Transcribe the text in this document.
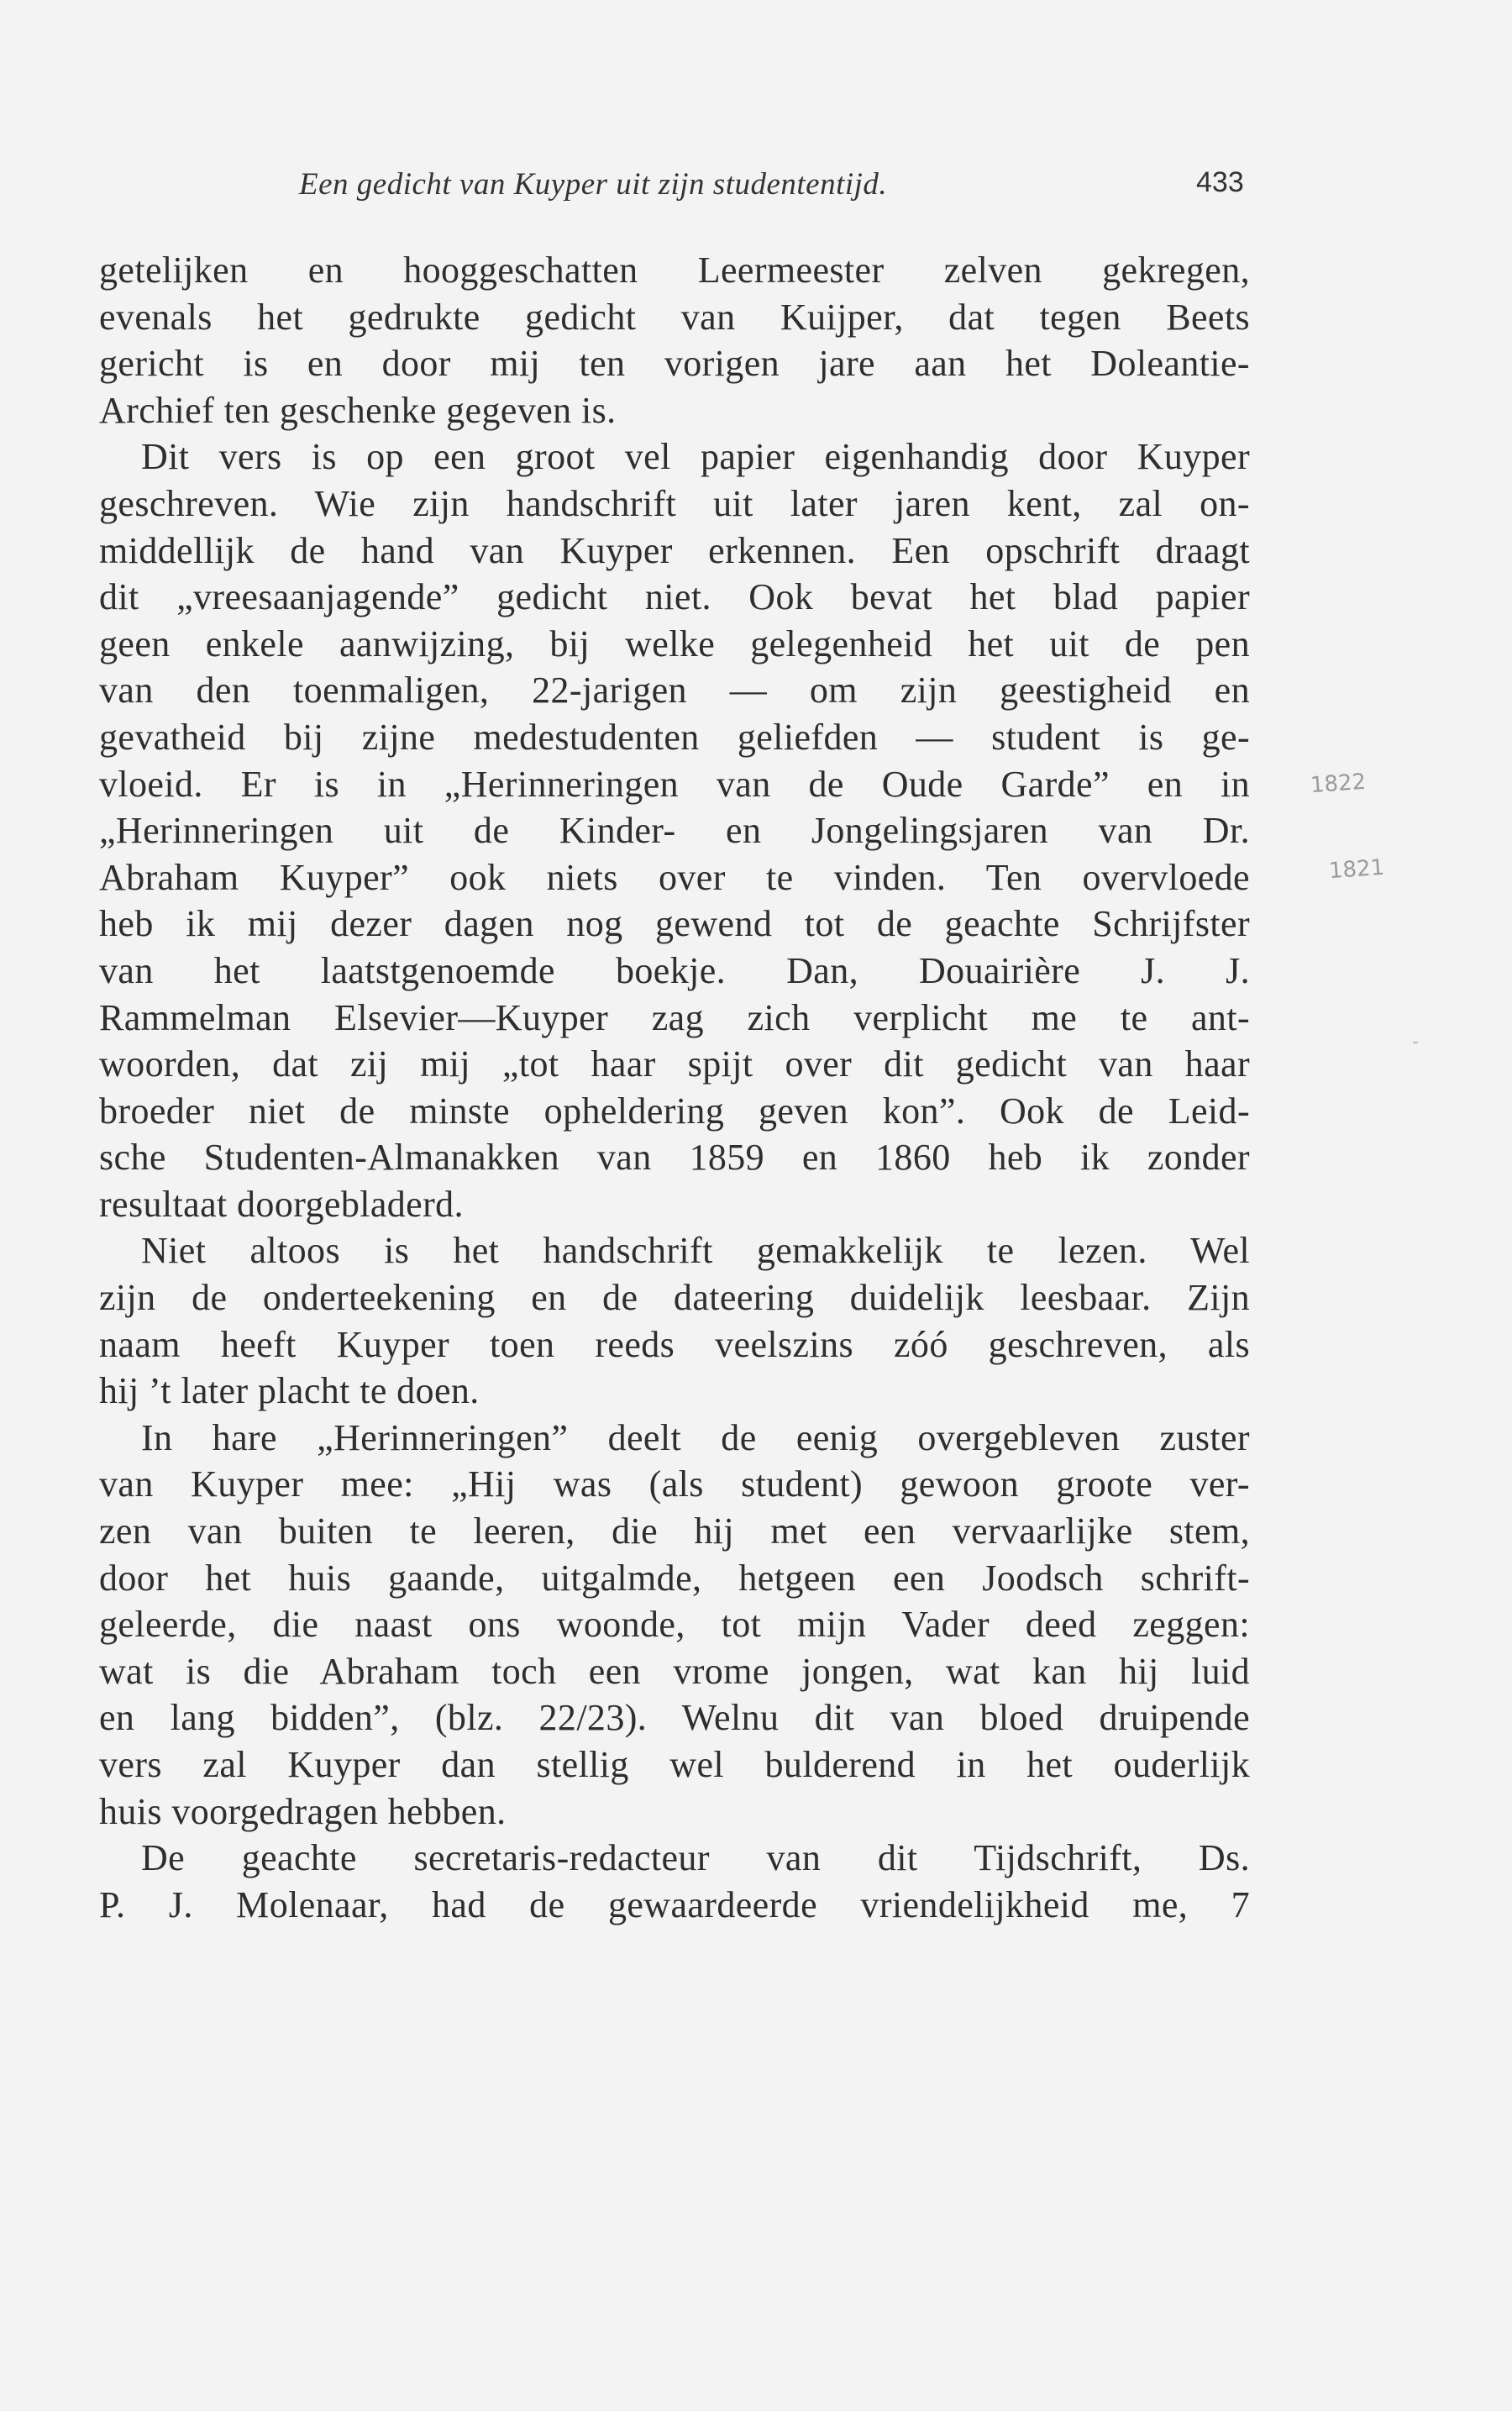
Een gedicht van Kuyper uit zijn studententijd.	433
getelijken en hooggeschatten Leermeester zelven gekregen,
evenals het gedrukte gedicht van Kuijper, dat tegen Beets
gericht is en door mij ten vorigen jare aan het Doleantie-
Archief ten geschenke gegeven is.
Dit vers is op een groot vel papier eigenhandig door Kuyper
geschreven. Wie zijn handschrift uit later jaren kent, zal on-
middellijk de hand van Kuyper erkennen. Een opschrift draagt
dit „vreesaanjagende” gedicht niet. Ook bevat het blad papier
geen enkele aanwijzing, bij welke gelegenheid het uit de pen
van den toenmaligen, 22-jarigen — om zijn geestigheid en
gevatheid bij zijne medestudenten geliefden — student is ge-
vloeid. Er is in „Herinneringen van de Oude Garde” en in
„Herinneringen uit de Kinder- en Jongelingsjaren van Dr.
Abraham Kuyper” ook niets over te vinden. Ten overvloede
heb ik mij dezer dagen nog gewend tot de geachte Schrijfster
van het laatstgenoemde boekje. Dan, Douairière J. J.
Rammelman Elsevier—Kuyper zag zich verplicht me te ant-
woorden, dat zij mij „tot haar spijt over dit gedicht van haar
broeder niet de minste opheldering geven kon”. Ook de Leid-
sche Studenten-Almanakken van 1859 en 1860 heb ik zonder
resultaat doorgebladerd.
Niet altoos is het handschrift gemakkelijk te lezen. Wel
zijn de onderteekening en de dateering duidelijk leesbaar. Zijn
naam heeft Kuyper toen reeds veelszins zóó geschreven, als
hij ’t later placht te doen.
In hare „Herinneringen” deelt de eenig overgebleven zuster
van Kuyper mee: „Hij was (als student) gewoon groote ver-
zen van buiten te leeren, die hij met een vervaarlijke stem,
door het huis gaande, uitgalmde, hetgeen een Joodsch schrift-
geleerde, die naast ons woonde, tot mijn Vader deed zeggen:
wat is die Abraham toch een vrome jongen, wat kan hij luid
en lang bidden”, (blz. 22/23). Welnu dit van bloed druipende
vers zal Kuyper dan stellig wel bulderend in het ouderlijk
huis voorgedragen hebben.
De geachte secretaris-redacteur van dit Tijdschrift, Ds.
P. J. Molenaar, had de gewaardeerde vriendelijkheid me, 7
1822
1821
